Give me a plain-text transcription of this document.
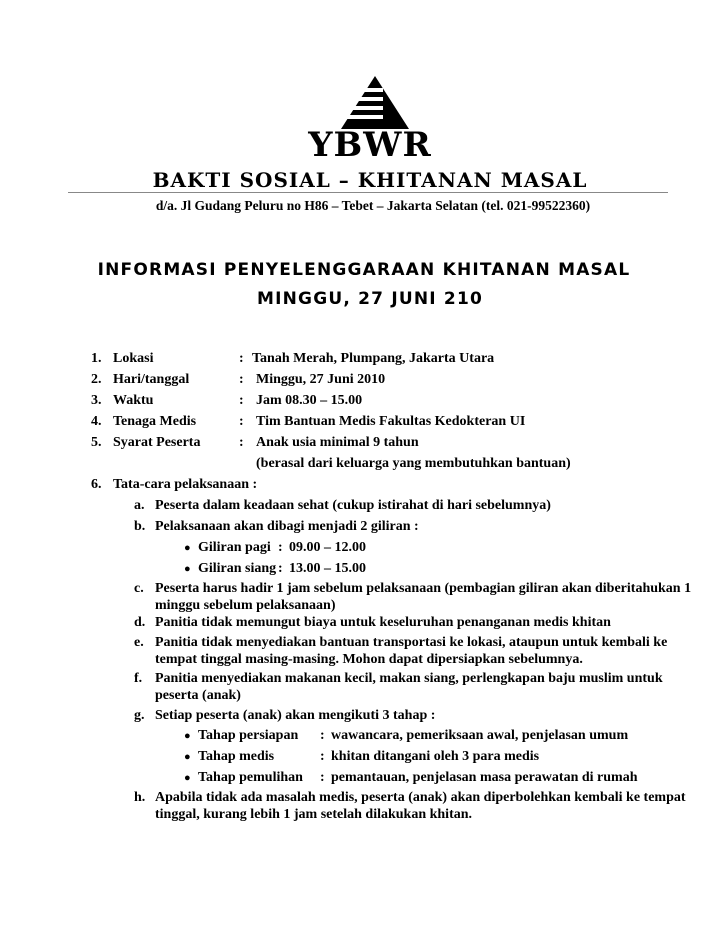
YBWR
BAKTI SOSIAL – KHITANAN MASAL
d/a. Jl Gudang Peluru no H86 – Tebet – Jakarta Selatan (tel. 021-99522360)
INFORMASI PENYELENGGARAAN KHITANAN MASAL
MINGGU, 27 JUNI 210
1. Lokasi	: Tanah Merah, Plumpang, Jakarta Utara
2. Hari/tanggal	: Minggu, 27 Juni 2010
3. Waktu	: Jam 08.30 – 15.00
4. Tenaga Medis	: Tim Bantuan Medis Fakultas Kedokteran UI
5. Syarat Peserta	: Anak usia minimal 9 tahun
(berasal dari keluarga yang membutuhkan bantuan)
6. Tata-cara pelaksanaan :
a. Peserta dalam keadaan sehat (cukup istirahat di hari sebelumnya)
b. Pelaksanaan akan dibagi menjadi 2 giliran :
● Giliran pagi : 09.00 – 12.00
● Giliran siang : 13.00 – 15.00
c. Peserta harus hadir 1 jam sebelum pelaksanaan (pembagian giliran akan diberitahukan 1
minggu sebelum pelaksanaan)
d. Panitia tidak memungut biaya untuk keseluruhan penanganan medis khitan
e. Panitia tidak menyediakan bantuan transportasi ke lokasi, ataupun untuk kembali ke
tempat tinggal masing-masing. Mohon dapat dipersiapkan sebelumnya.
f. Panitia menyediakan makanan kecil, makan siang, perlengkapan baju muslim untuk
peserta (anak)
g. Setiap peserta (anak) akan mengikuti 3 tahap :
● Tahap persiapan : wawancara, pemeriksaan awal, penjelasan umum
● Tahap medis	: khitan ditangani oleh 3 para medis
● Tahap pemulihan : pemantauan, penjelasan masa perawatan di rumah
h. Apabila tidak ada masalah medis, peserta (anak) akan diperbolehkan kembali ke tempat
tinggal, kurang lebih 1 jam setelah dilakukan khitan.
